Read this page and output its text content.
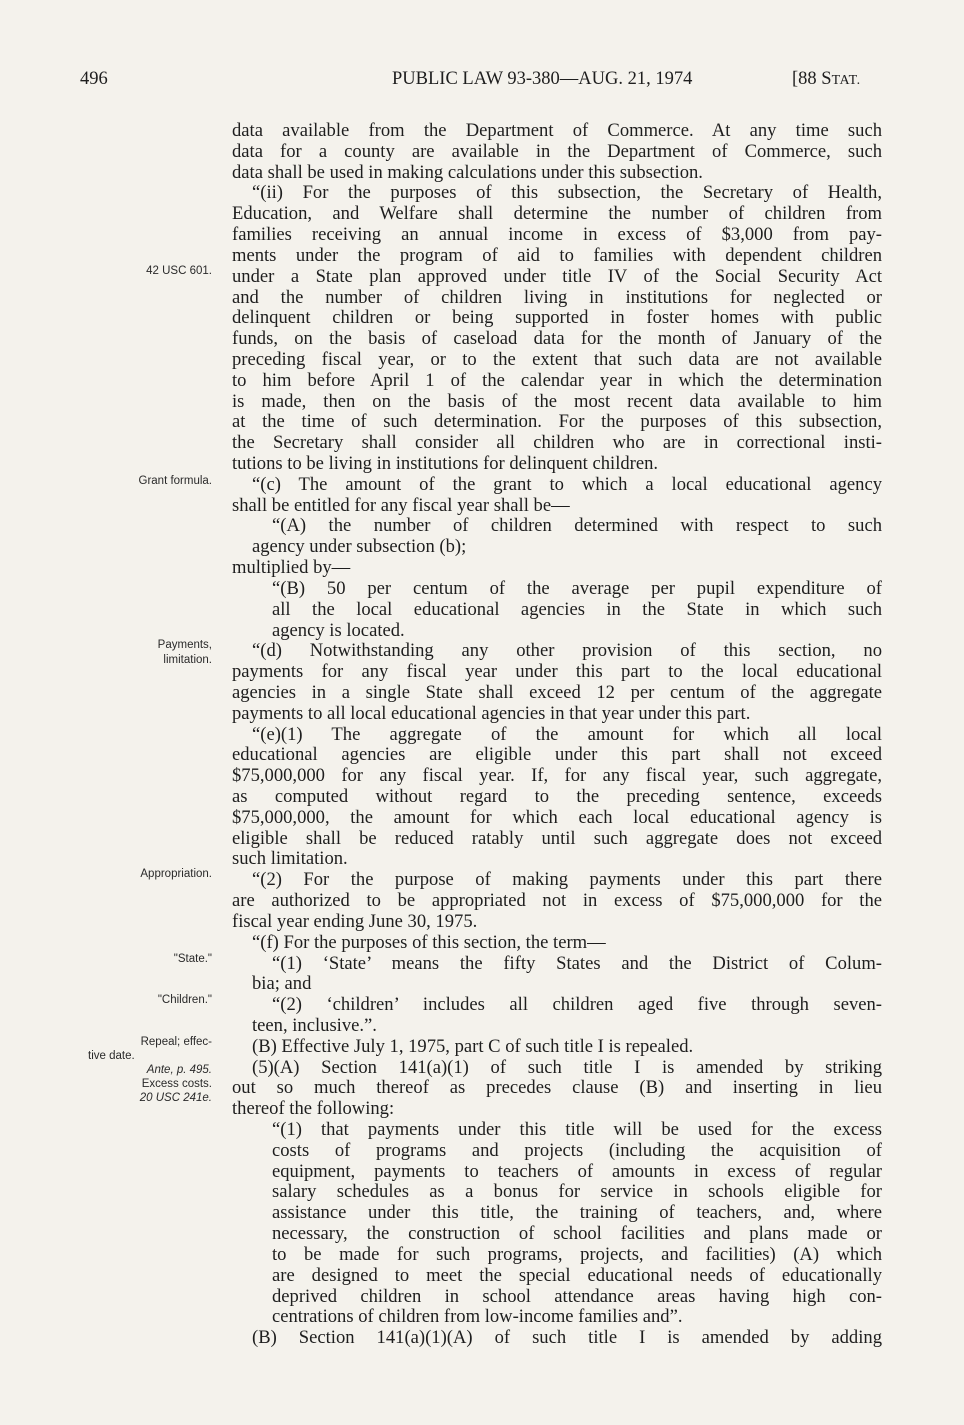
496	PUBLIC LAW 93-380—AUG. 21, 1974	[88 STAT.
42 USC 601.
Grant formula.
Payments,
limitation.
Appropriation.
"State."
"Children."
Repeal; effec-
tive date.
Ante, p. 495.
Excess costs.
20 USC 241e.
data available from the Department of Commerce. At any time such
data for a county are available in the Department of Commerce, such
data shall be used in making calculations under this subsection.
“(ii) For the purposes of this subsection, the Secretary of Health,
Education, and Welfare shall determine the number of children from
families receiving an annual income in excess of $3,000 from pay-
ments under the program of aid to families with dependent children
under a State plan approved under title IV of the Social Security Act
and the number of children living in institutions for neglected or
delinquent children or being supported in foster homes with public
funds, on the basis of caseload data for the month of January of the
preceding fiscal year, or to the extent that such data are not available
to him before April 1 of the calendar year in which the determination
is made, then on the basis of the most recent data available to him
at the time of such determination. For the purposes of this subsection,
the Secretary shall consider all children who are in correctional insti-
tutions to be living in institutions for delinquent children.
“(c) The amount of the grant to which a local educational agency
shall be entitled for any fiscal year shall be—
“(A) the number of children determined with respect to such
agency under subsection (b);
multiplied by—
“(B) 50 per centum of the average per pupil expenditure of
all the local educational agencies in the State in which such
agency is located.
“(d) Notwithstanding any other provision of this section, no
payments for any fiscal year under this part to the local educational
agencies in a single State shall exceed 12 per centum of the aggregate
payments to all local educational agencies in that year under this part.
“(e)(1) The aggregate of the amount for which all local
educational agencies are eligible under this part shall not exceed
$75,000,000 for any fiscal year. If, for any fiscal year, such aggregate,
as computed without regard to the preceding sentence, exceeds
$75,000,000, the amount for which each local educational agency is
eligible shall be reduced ratably until such aggregate does not exceed
such limitation.
“(2) For the purpose of making payments under this part there
are authorized to be appropriated not in excess of $75,000,000 for the
fiscal year ending June 30, 1975.
“(f) For the purposes of this section, the term—
“(1) ‘State’ means the fifty States and the District of Colum-
bia; and
“(2) ‘children’ includes all children aged five through seven-
teen, inclusive.”.
(B) Effective July 1, 1975, part C of such title I is repealed.
(5)(A) Section 141(a)(1) of such title I is amended by striking
out so much thereof as precedes clause (B) and inserting in lieu
thereof the following:
“(1) that payments under this title will be used for the excess
costs of programs and projects (including the acquisition of
equipment, payments to teachers of amounts in excess of regular
salary schedules as a bonus for service in schools eligible for
assistance under this title, the training of teachers, and, where
necessary, the construction of school facilities and plans made or
to be made for such programs, projects, and facilities) (A) which
are designed to meet the special educational needs of educationally
deprived children in school attendance areas having high con-
centrations of children from low-income families and”.
(B) Section 141(a)(1)(A) of such title I is amended by adding
